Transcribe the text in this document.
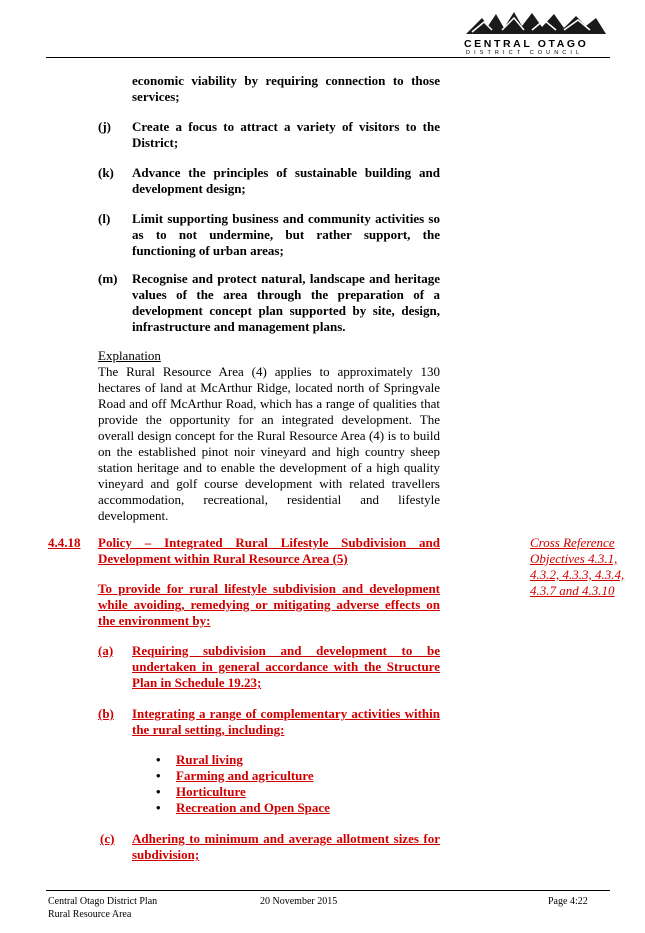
CENTRAL OTAGO
DISTRICT COUNCIL
economic viability by requiring connection to those services;
(j)	Create a focus to attract a variety of visitors to the District;
(k)	Advance the principles of sustainable building and development design;
(l)	Limit supporting business and community activities so as to not undermine, but rather support, the functioning of urban areas;
(m)	Recognise and protect natural, landscape and heritage values of the area through the preparation of a development concept plan supported by site, design, infrastructure and management plans.
Explanation
The Rural Resource Area (4) applies to approximately 130 hectares of land at McArthur Ridge, located north of Springvale Road and off McArthur Road, which has a range of qualities that provide the opportunity for an integrated development. The overall design concept for the Rural Resource Area (4) is to build on the established pinot noir vineyard and high country sheep station heritage and to enable the development of a high quality vineyard and golf course development with related travellers accommodation, recreational, residential and lifestyle development.
4.4.18 Policy – Integrated Rural Lifestyle Subdivision and Development within Rural Resource Area (5)
To provide for rural lifestyle subdivision and development while avoiding, remedying or mitigating adverse effects on the environment by:
(a)	Requiring subdivision and development to be undertaken in general accordance with the Structure Plan in Schedule 19.23;
(b)	Integrating a range of complementary activities within the rural setting, including:
• Rural living
• Farming and agriculture
• Horticulture
• Recreation and Open Space
(c)	Adhering to minimum and average allotment sizes for subdivision;
Cross Reference
Objectives 4.3.1,
4.3.2, 4.3.3, 4.3.4,
4.3.7 and 4.3.10
Central Otago District Plan
Rural Resource Area
20 November 2015	Page 4:22
